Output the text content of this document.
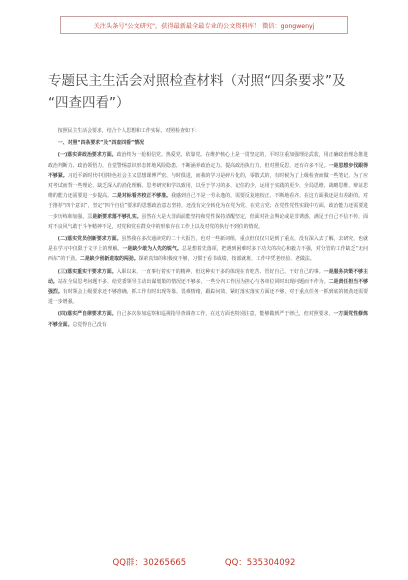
关注头条号"公文研究"，获得最新最全最专业的公文资料库！ 微信：gongwenyj
专题民主生活会对照检查材料（对照“四条要求”及
“四查四看”）

按照民主生活会要求，结合个人思想和工作实际，对照检查如下：

一、对照“四条要求”及“四查四看”情况

(一)落实讲政治要求方面。政治终为一抢相信党、热爱党、依靠党。在维护核心上是一贯坚定的，平时注重加强理论武装，用正确政治理念推进政治判断力、政治领悟力，自觉警惕意识形态阵地风险隐患，不断涵养政治定力。提高政治执行力，但对照反思，还有许多不足。一是思想步伐跟得不够紧。习近平新时代中国特色社会主义思想课博严密、与时俱进，而我的学习是碎片化的，零散式的，有时候为了上级检查而做一些笔记，为了应对考试而背一些理论，缺乏深入的消化理解，思考研究和学以致用，以至于学习的多，记住的少，运用于实践的更少，全局思维、战略思维、辩证思维的能力还需要进一步提高。二是对标看齐校正不够准。我感到自己不是一劳永逸的，需要反复地校正，不断地看齐。在这方面我还是有差距的。对于推荐“四个意识”，坚定“四个自信”要求的思想政治意志坚持，还没有完全转化为在党为党、在党言党；在党性党性实践中方面，政治能力还需要进一步历练和加强。三是新要求落不够扎实。虽然在大是大非面前能坚持和党性保持清醒坚定，但面对社会舆论或是非诱惑，满足于自己不信不传，面对不良风气敢于斗争精神不足，对党和党在群众中的形象存在工作上以及对党的执行不到位的情况。

(二)落实党员创新要求方面。虽然我在多次通读党的二十大报告，也对一些新词组，重点但仅仅只是到了重点，没有深入去了解。去研究，也就是在学习中仅限于文字上的理解。一是缺少敢为人先的锐气。总是想着先落项，把遇到困难时多下功夫的决心和毅力不强，对分管的工作缺乏“无问西东”的干劲。二是缺少创新进取的闯劲。探索真知的积极度不够，习惯于看书成绩，按部就班，工作中凭老经验、老做法。

(三)落实重实干要求方面。入职以来，一直事行着实干的精神，但这种实干多的体现在肯吃苦、管好自己、干好自己的事。一是服务决策不够主动。站在全局思考问题不多，给党委领导主动出谋划策的情况还不够多，一些分内工作因为担心与各单位同时出现问题而不作为。二是责任担当不够强烈。有时领会上级要求还不够准确，抓工作有时出现等靠、畏难情绪，跟踪问效、紧盯落实落实方面还不够，对于重点任务一抓到底的韧劲还需要进一步增强。

(四)落实严自律要求方面。自己多次参加巡察和巡视指导查调查工作，在这方面也特别注意，能够做到严于律己，但对照要求，一方面党性修炼不够全面。总觉得自己没有

QQ群：30265665	QQ：535304092
